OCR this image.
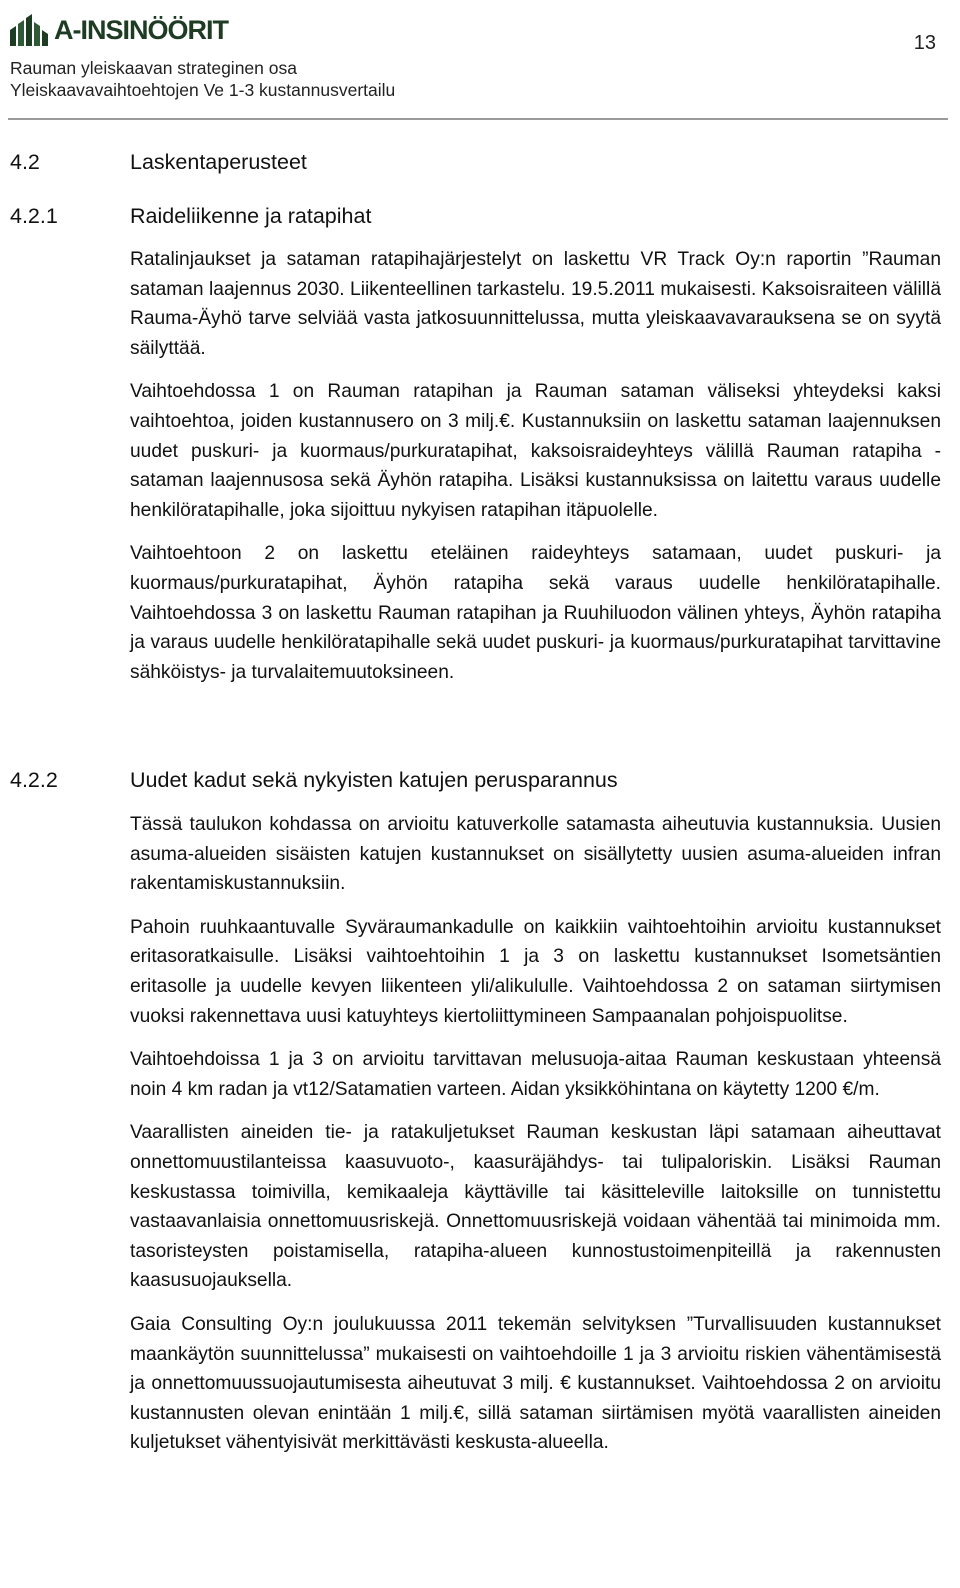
A-INSINÖÖRIT
Rauman yleiskaavan strateginen osa
Yleiskaavavaihtoehtojen Ve 1-3 kustannusvertailu
13
4.2	Laskentaperusteet
4.2.1	Raideliikenne ja ratapihat

Ratalinjaukset ja sataman ratapihajärjestelyt on laskettu VR Track Oy:n raportin ”Rauman sataman laajennus 2030. Liikenteellinen tarkastelu. 19.5.2011 mukaisesti. Kaksoisraiteen välillä Rauma-Äyhö tarve selviää vasta jatkosuunnittelussa, mutta yleiskaavavarauksena se on syytä säilyttää.

Vaihtoehdossa 1 on Rauman ratapihan ja Rauman sataman väliseksi yhteydeksi kaksi vaihtoehtoa, joiden kustannusero on 3 milj.€. Kustannuksiin on laskettu sataman laajennuksen uudet puskuri- ja kuormaus/purkuratapihat, kaksoisraideyhteys välillä Rauman ratapiha - sataman laajennusosa sekä Äyhön ratapiha. Lisäksi kustannuksissa on laitettu varaus uudelle henkilöratapihalle, joka sijoittuu nykyisen ratapihan itäpuolelle.

Vaihtoehtoon 2 on laskettu eteläinen raideyhteys satamaan, uudet puskuri- ja kuormaus/purkuratapihat, Äyhön ratapiha sekä varaus uudelle henkilöratapihalle. Vaihtoehdossa 3 on laskettu Rauman ratapihan ja Ruuhiluodon välinen yhteys, Äyhön ratapiha ja varaus uudelle henkilöratapihalle sekä uudet puskuri- ja kuormaus/purkuratapihat tarvittavine sähköistys- ja turvalaitemuutoksineen.

4.2.2	Uudet kadut sekä nykyisten katujen perusparannus

Tässä taulukon kohdassa on arvioitu katuverkolle satamasta aiheutuvia kustannuksia. Uusien asuma-alueiden sisäisten katujen kustannukset on sisällytetty uusien asuma-alueiden infran rakentamiskustannuksiin.

Pahoin ruuhkaantuvalle Syväraumankadulle on kaikkiin vaihtoehtoihin arvioitu kustannukset eritasoratkaisulle. Lisäksi vaihtoehtoihin 1 ja 3 on laskettu kustannukset Isometsäntien eritasolle ja uudelle kevyen liikenteen yli/alikululle. Vaihtoehdossa 2 on sataman siirtymisen vuoksi rakennettava uusi katuyhteys kiertoliittymineen Sampaanalan pohjoispuolitse.

Vaihtoehdoissa 1 ja 3 on arvioitu tarvittavan melusuoja-aitaa Rauman keskustaan yhteensä noin 4 km radan ja vt12/Satamatien varteen. Aidan yksikköhintana on käytetty 1200 €/m.

Vaarallisten aineiden tie- ja ratakuljetukset Rauman keskustan läpi satamaan aiheuttavat onnettomuustilanteissa kaasuvuoto-, kaasuräjähdys- tai tulipaloriskin. Lisäksi Rauman keskustassa toimivilla, kemikaaleja käyttäville tai käsitteleville laitoksille on tunnistettu vastaavanlaisia onnettomuusriskejä. Onnettomuusriskejä voidaan vähentää tai minimoida mm. tasoristeysten poistamisella, ratapiha-alueen kunnostustoimenpiteillä ja rakennusten kaasusuojauksella.

Gaia Consulting Oy:n joulukuussa 2011 tekemän selvityksen ”Turvallisuuden kustannukset maankäytön suunnittelussa” mukaisesti on vaihtoehdoille 1 ja 3 arvioitu riskien vähentämisestä ja onnettomuussuojautumisesta aiheutuvat 3 milj. € kustannukset. Vaihtoehdossa 2 on arvioitu kustannusten olevan enintään 1 milj.€, sillä sataman siirtämisen myötä vaarallisten aineiden kuljetukset vähentyisivät merkittävästi keskusta-alueella.
